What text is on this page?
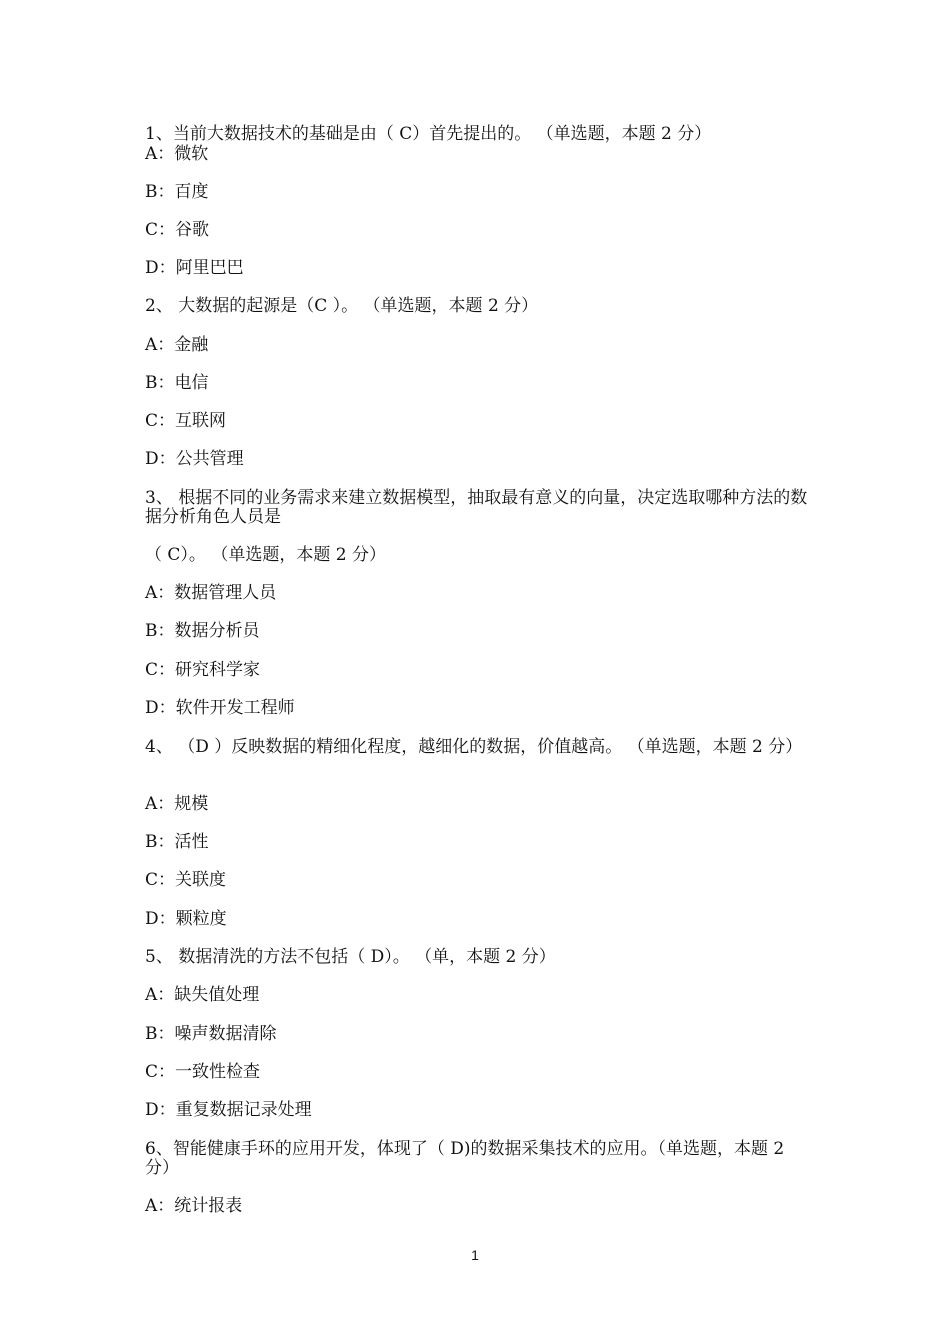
1、当前大数据技术的基础是由（ C）首先提出的。 （单选题，本题 2 分）
A：微软
B：百度
C：谷歌
D：阿里巴巴
2、 大数据的起源是（C ）。 （单选题，本题 2 分）
A：金融
B：电信
C：互联网
D：公共管理
3、 根据不同的业务需求来建立数据模型，抽取最有意义的向量，决定选取哪种方法的数据分析角色人员是
（ C）。 （单选题，本题 2 分）
A：数据管理人员
B：数据分析员
C：研究科学家
D：软件开发工程师
4、 （D ）反映数据的精细化程度，越细化的数据，价值越高。 （单选题，本题 2 分）
A：规模
B：活性
C：关联度
D：颗粒度
5、 数据清洗的方法不包括（ D）。 （单，本题 2 分）
A：缺失值处理
B：噪声数据清除
C：一致性检查
D：重复数据记录处理
6、智能健康手环的应用开发，体现了（ D)的数据采集技术的应用。（单选题，本题 2 分）
A：统计报表
1
